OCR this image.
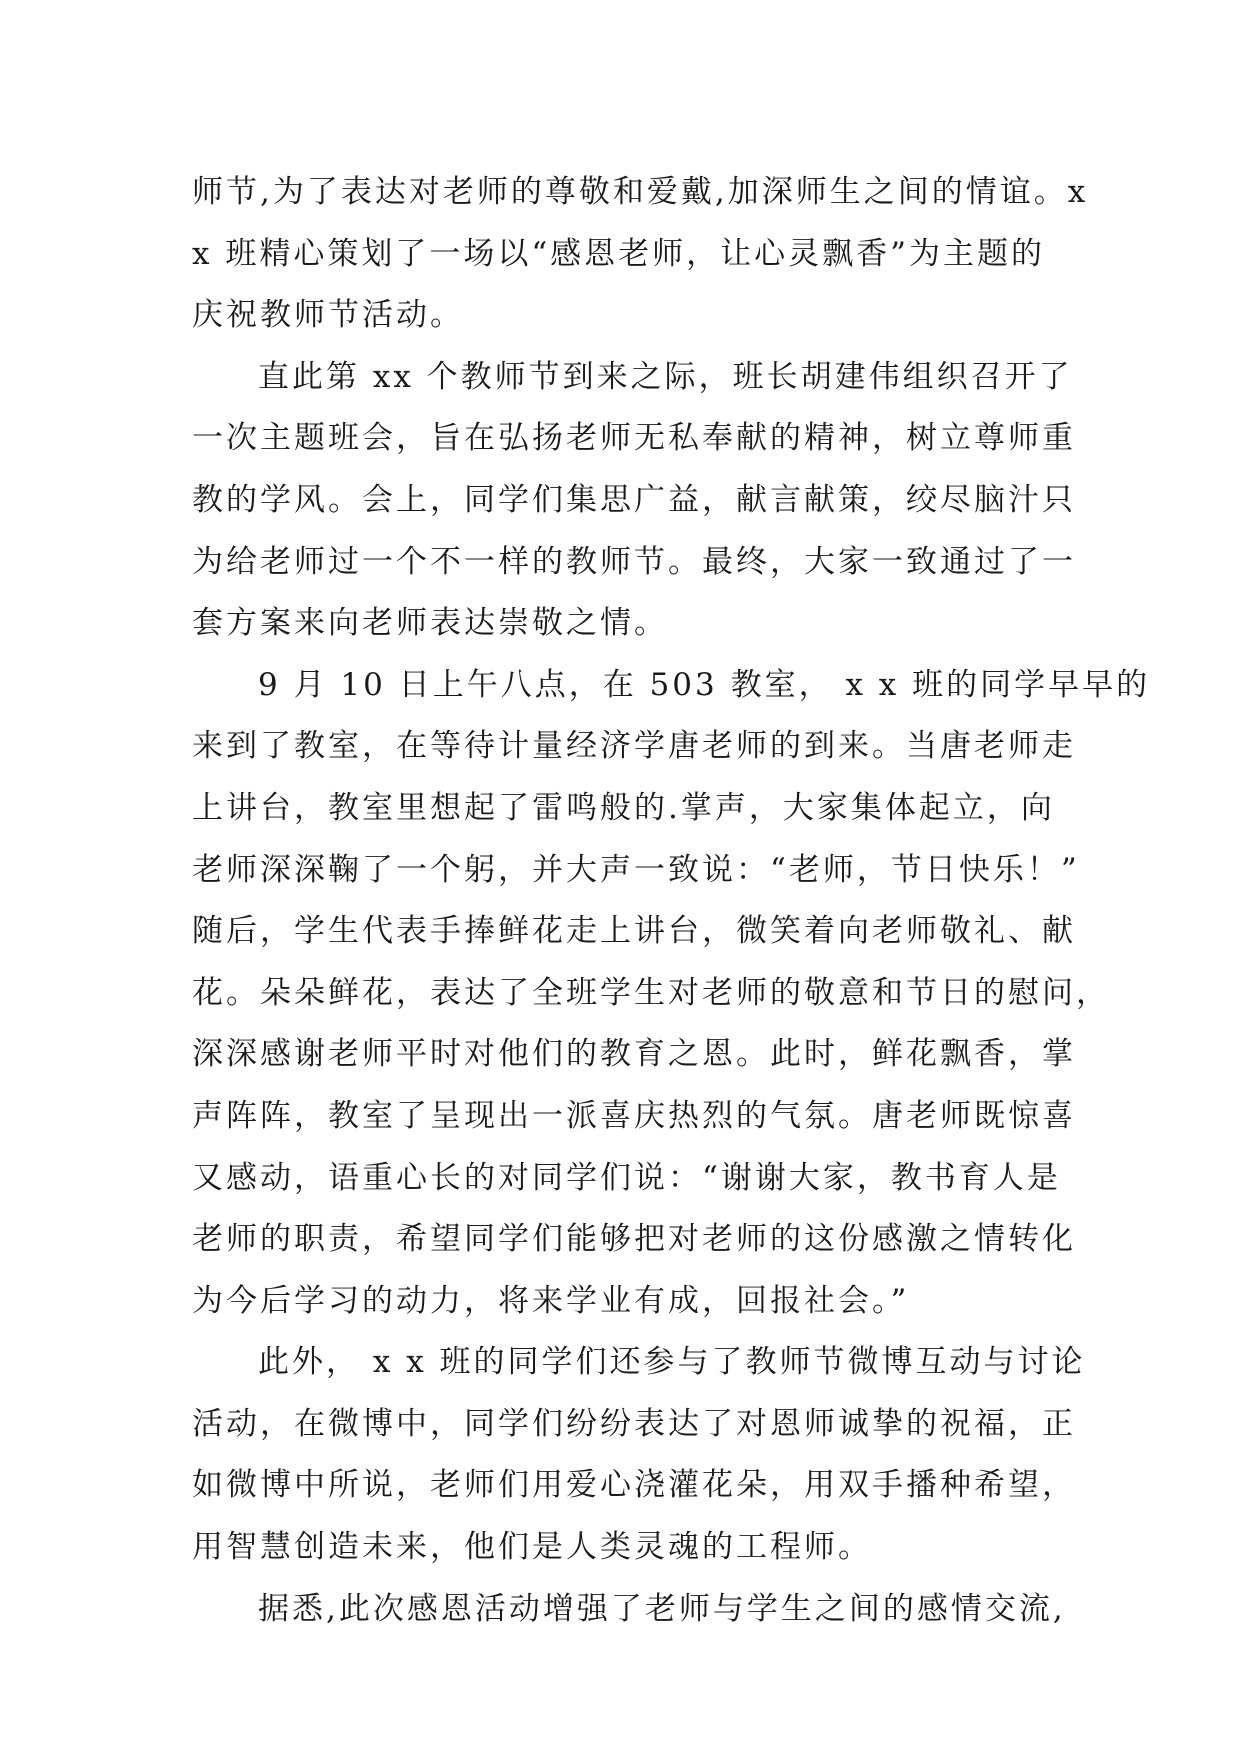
师节,为了表达对老师的尊敬和爱戴,加深师生之间的情谊。x
x 班精心策划了一场以“感恩老师，让心灵飘香”为主题的
庆祝教师节活动。
直此第 xx 个教师节到来之际，班长胡建伟组织召开了
一次主题班会，旨在弘扬老师无私奉献的精神，树立尊师重
教的学风。会上，同学们集思广益，献言献策，绞尽脑汁只
为给老师过一个不一样的教师节。最终，大家一致通过了一
套方案来向老师表达崇敬之情。
9 月 10 日上午八点，在 503 教室， x x 班的同学早早的
来到了教室，在等待计量经济学唐老师的到来。当唐老师走
上讲台，教室里想起了雷鸣般的.掌声，大家集体起立，向
老师深深鞠了一个躬，并大声一致说：“老师，节日快乐！”
随后，学生代表手捧鲜花走上讲台，微笑着向老师敬礼、献
花。朵朵鲜花，表达了全班学生对老师的敬意和节日的慰问，
深深感谢老师平时对他们的教育之恩。此时，鲜花飘香，掌
声阵阵，教室了呈现出一派喜庆热烈的气氛。唐老师既惊喜
又感动，语重心长的对同学们说：“谢谢大家，教书育人是
老师的职责，希望同学们能够把对老师的这份感激之情转化
为今后学习的动力，将来学业有成，回报社会。”
此外， x x 班的同学们还参与了教师节微博互动与讨论
活动，在微博中，同学们纷纷表达了对恩师诚挚的祝福，正
如微博中所说，老师们用爱心浇灌花朵，用双手播种希望，
用智慧创造未来，他们是人类灵魂的工程师。
据悉,此次感恩活动增强了老师与学生之间的感情交流,
